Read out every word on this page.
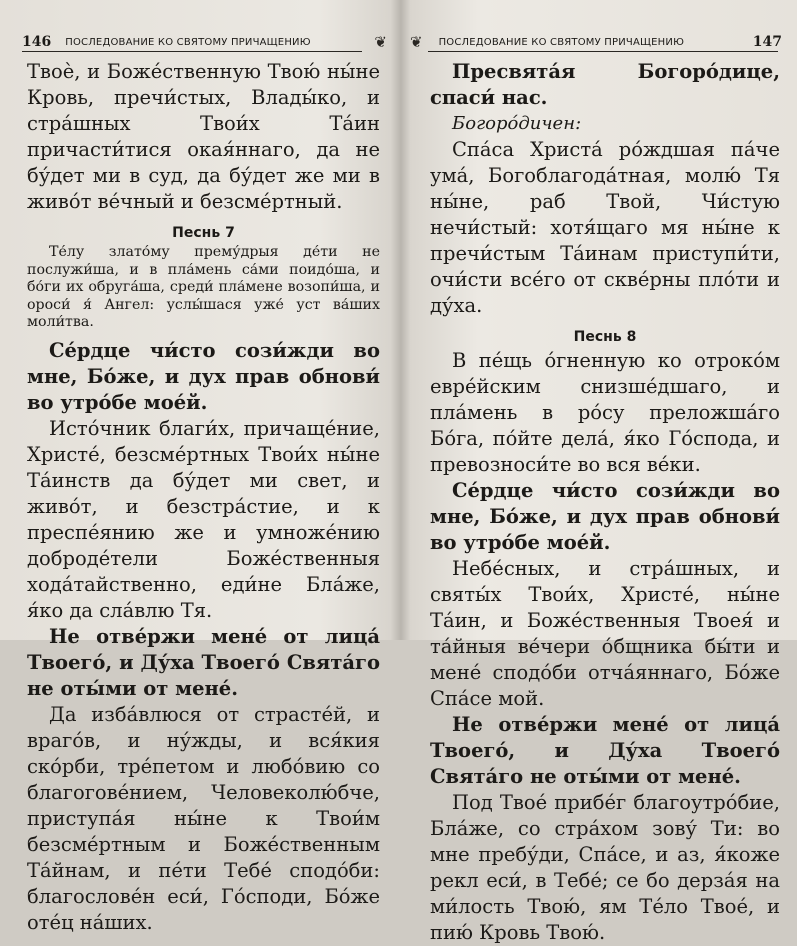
146 ПОСЛЕДОВАНИЕ КО СВЯТОМУ ПРИЧАЩЕНИЮ	❦

Твоѐ, и Боже́ственную Твою́ ны́не Кровь, пречи́стых, Влады́ко, и стра́шных Твои́х Та́ин причасти́тися окая́ннаго, да не бу́дет ми в суд, да бу́дет же ми в живо́т ве́чный и безсме́ртный.

Песнь 7

Те́лу злато́му прему́дрыя де́ти не послужи́ша, и в пла́мень са́ми поидо́ша, и бо́ги их обруга́ша, среди́ пла́мене возопи́ша, и ороси́ я́ Ангел: услы́шася уже́ уст ва́ших моли́тва.

Се́рдце чи́сто сози́жди во мне, Бо́же, и дух прав обнови́ во утро́бе мое́й.

Исто́чник благи́х, причаще́ние, Христе́, безсме́ртных Твои́х ны́не Та́инств да бу́дет ми свет, и живо́т, и безстра́стие, и к преспе́янию же и умноже́нию доброде́тели Боже́ственныя хода́тайственно, еди́не Бла́же, я́ко да сла́влю Тя.

Не отве́ржи мене́ от лица́ Твоего́, и Ду́ха Твоего́ Свята́го не оты́ми от мене́.

Да изба́влюся от страсте́й, и враго́в, и ну́жды, и вся́кия ско́рби, тре́петом и любо́вию со благогове́нием, Человеколю́бче, приступа́я ны́не к Твои́м безсме́ртным и Боже́ственным Та́йнам, и пе́ти Тебе́ сподо́би: благослове́н еси́, Го́споди, Бо́же оте́ц на́ших.

❦ ПОСЛЕДОВАНИЕ КО СВЯТОМУ ПРИЧАЩЕНИЮ	147

Пресвята́я Богоро́дице, спаси́ нас.

Богоро́дичен:

Спа́са Христа́ ро́ждшая па́че ума́, Богоблагода́тная, молю́ Тя ны́не, раб Твой, Чи́стую нечи́стый: хотя́щаго мя ны́не к пречи́стым Та́инам приступи́ти, очи́сти все́го от скве́рны пло́ти и ду́ха.

Песнь 8

В пе́щь о́гненную ко отроко́м евре́йским снизше́дшаго, и пла́мень в ро́су преложша́го Бо́га, по́йте дела́, я́ко Го́спода, и превозноси́те во вся ве́ки.

Се́рдце чи́сто сози́жди во мне, Бо́же, и дух прав обнови́ во утро́бе мое́й.

Небе́сных, и стра́шных, и святы́х Твои́х, Христе́, ны́не Та́ин, и Боже́ственныя Твоея́ и та́йныя ве́чери о́бщника бы́ти и мене́ сподо́би отча́яннаго, Бо́же Спа́се мой.

Не отве́ржи мене́ от лица́ Твоего́, и Ду́ха Твоего́ Свята́го не оты́ми от мене́.

Под Твое́ прибе́г благоутро́бие, Бла́же, со стра́хом зову́ Ти: во мне пребу́ди, Спа́се, и аз, я́коже рекл еси́, в Тебе́; се бо дерза́я на ми́лость Твою́, ям Те́ло Твое́, и пию́ Кровь Твою́.
